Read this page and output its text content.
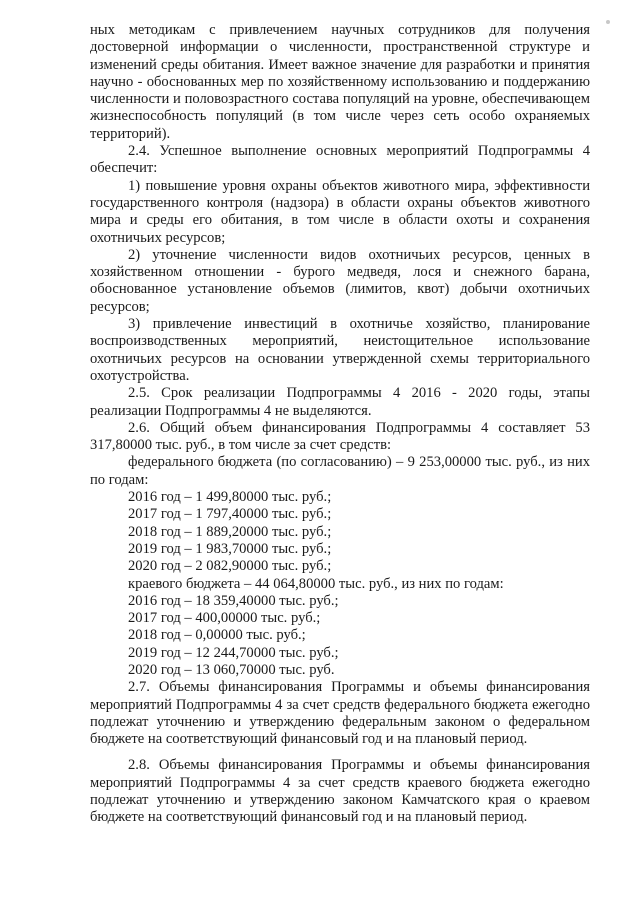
ных методикам с привлечением научных сотрудников для получения достоверной информации о численности, пространственной структуре и изменений среды обитания. Имеет важное значение для разработки и принятия научно - обоснованных мер по хозяйственному использованию и поддержанию численности и половозрастного состава популяций на уровне, обеспечивающем жизнеспособность популяций (в том числе через сеть особо охраняемых территорий).

2.4. Успешное выполнение основных мероприятий Подпрограммы 4 обеспечит:

1) повышение уровня охраны объектов животного мира, эффективности государственного контроля (надзора) в области охраны объектов животного мира и среды его обитания, в том числе в области охоты и сохранения охотничьих ресурсов;

2) уточнение численности видов охотничьих ресурсов, ценных в хозяйственном отношении - бурого медведя, лося и снежного барана, обоснованное установление объемов (лимитов, квот) добычи охотничьих ресурсов;

3) привлечение инвестиций в охотничье хозяйство, планирование воспроизводственных мероприятий, неистощительное использование охотничьих ресурсов на основании утвержденной схемы территориального охотустройства.

2.5. Срок реализации Подпрограммы 4 2016 - 2020 годы, этапы реализации Подпрограммы 4 не выделяются.

2.6. Общий объем финансирования Подпрограммы 4 составляет 53 317,80000 тыс. руб., в том числе за счет средств:

федерального бюджета (по согласованию) – 9 253,00000 тыс. руб., из них по годам:

2016 год – 1 499,80000 тыс. руб.;

2017 год – 1 797,40000 тыс. руб.;

2018 год – 1 889,20000 тыс. руб.;

2019 год – 1 983,70000 тыс. руб.;

2020 год – 2 082,90000 тыс. руб.;

краевого бюджета – 44 064,80000 тыс. руб., из них по годам:

2016 год – 18 359,40000 тыс. руб.;

2017 год – 400,00000 тыс. руб.;

2018 год – 0,00000 тыс. руб.;

2019 год – 12 244,70000 тыс. руб.;

2020 год – 13 060,70000 тыс. руб.

2.7. Объемы финансирования Программы и объемы финансирования мероприятий Подпрограммы 4 за счет средств федерального бюджета ежегодно подлежат уточнению и утверждению федеральным законом о федеральном бюджете на соответствующий финансовый год и на плановый период.

2.8. Объемы финансирования Программы и объемы финансирования мероприятий Подпрограммы 4 за счет средств краевого бюджета ежегодно подлежат уточнению и утверждению законом Камчатского края о краевом бюджете на соответствующий финансовый год и на плановый период.
